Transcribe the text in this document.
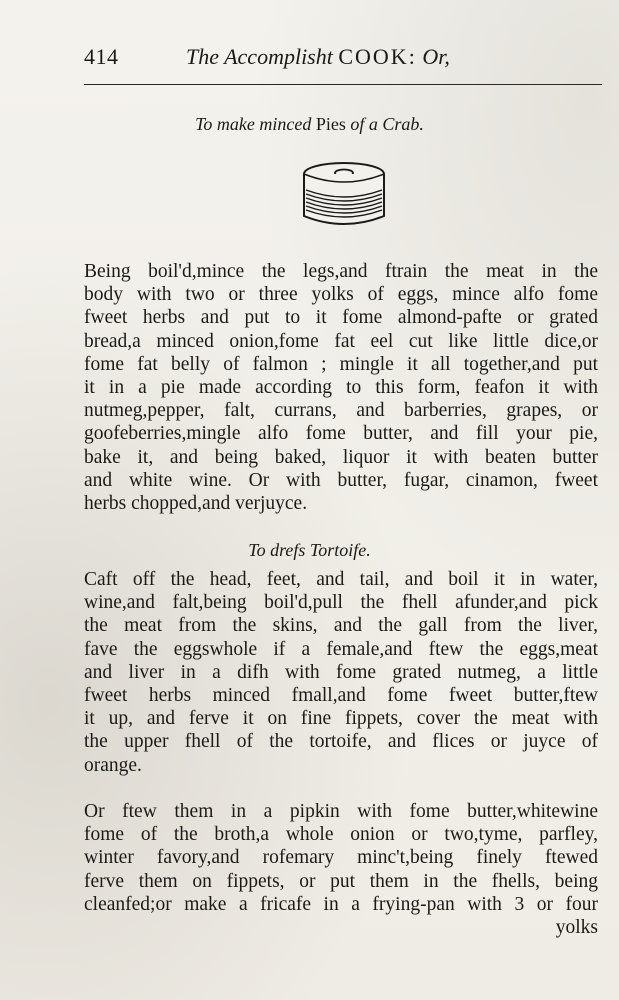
414	The Accomplisht COOK: Or,
To make minced Pies of a Crab.

Being boil'd,mince the legs,and ftrain the meat in the
body with two or three yolks of eggs, mince alfo fome
fweet herbs and put to it fome almond-pafte or grated
bread,a minced onion,fome fat eel cut like little dice,or
fome fat belly of falmon ; mingle it all together,and put
it in a pie made according to this form, feafon it with
nutmeg,pepper, falt, currans, and barberries, grapes, or
goofeberries,mingle alfo fome butter, and fill your pie,
bake it, and being baked, liquor it with beaten butter
and white wine. Or with butter, fugar, cinamon, fweet
herbs chopped,and verjuyce.

To drefs Tortoife.

Caft off the head, feet, and tail, and boil it in water,
wine,and falt,being boil'd,pull the fhell afunder,and pick
the meat from the skins, and the gall from the liver,
fave the eggswhole if a female,and ftew the eggs,meat
and liver in a difh with fome grated nutmeg, a little
fweet herbs minced fmall,and fome fweet butter,ftew
it up, and ferve it on fine fippets, cover the meat with
the upper fhell of the tortoife, and flices or juyce of
orange.

Or ftew them in a pipkin with fome butter,whitewine
fome of the broth,a whole onion or two,tyme, parfley,
winter favory,and rofemary minc't,being finely ftewed
ferve them on fippets, or put them in the fhells, being
cleanfed;or make a fricafe in a frying-pan with 3 or four
yolks
